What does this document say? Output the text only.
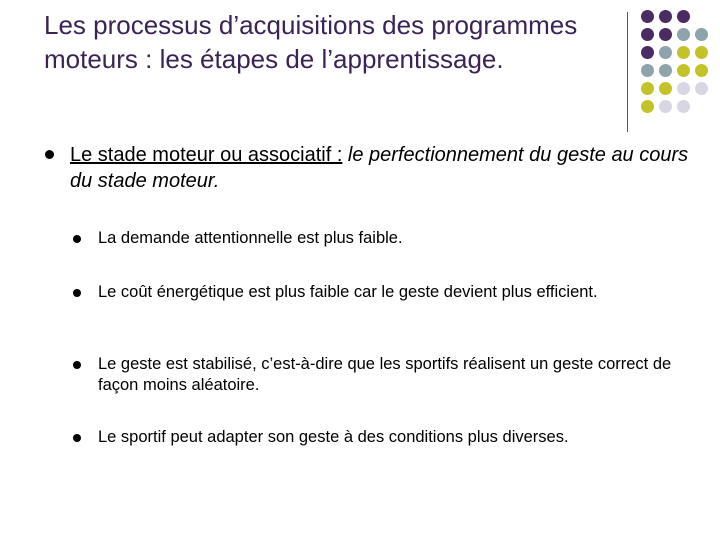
Les processus d’acquisitions des programmes moteurs : les étapes de l’apprentissage.

Le stade moteur ou associatif : le perfectionnement du geste au cours du stade moteur.

La demande attentionnelle est plus faible.

Le coût énergétique est plus faible car le geste devient plus efficient.

Le geste est stabilisé, c’est-à-dire que les sportifs réalisent un geste correct de façon moins aléatoire.

Le sportif peut adapter son geste à des conditions plus diverses.
